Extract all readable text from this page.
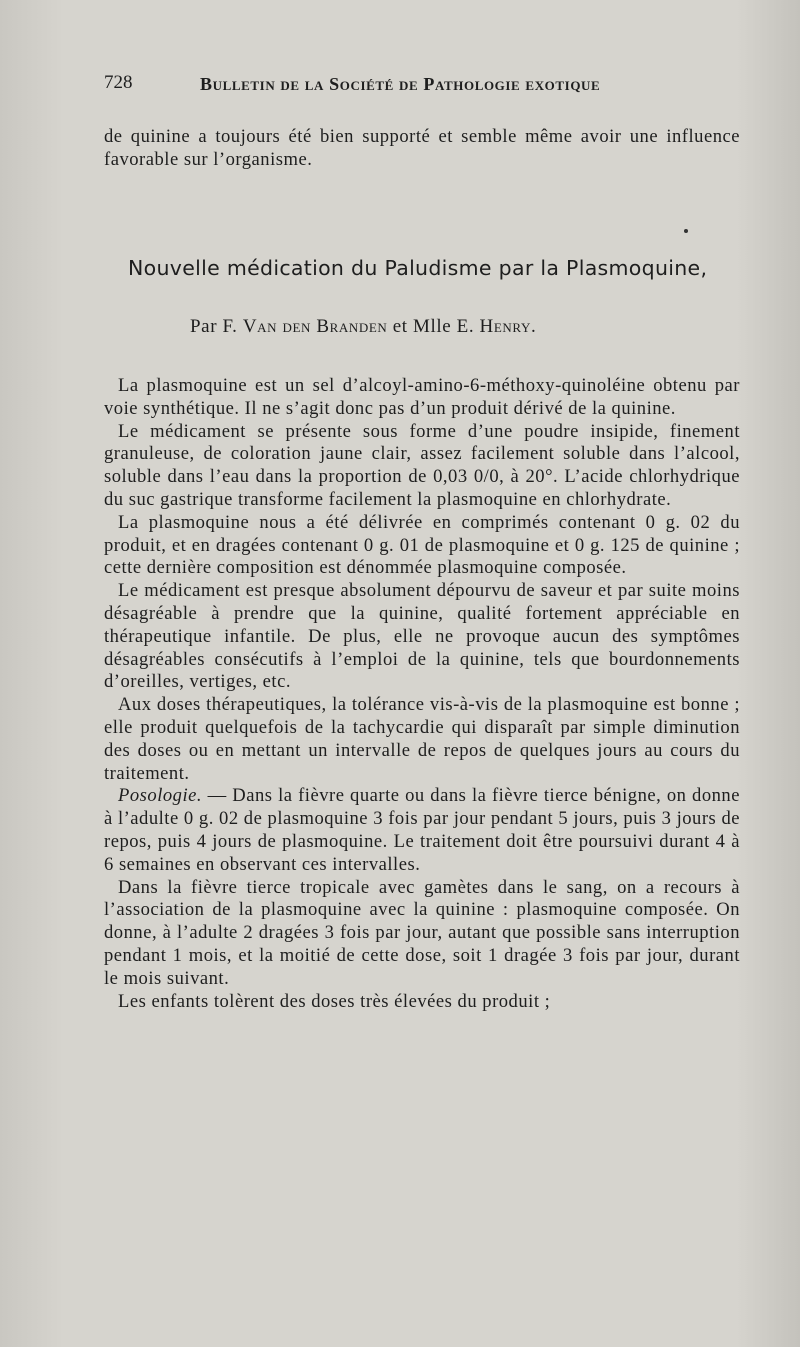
728	Bulletin de la Société de Pathologie exotique
de quinine a toujours été bien supporté et semble même avoir une influence favorable sur l’organisme.
Nouvelle médication du Paludisme par la Plasmoquine,
Par F. Van den Branden et Mlle E. Henry.

La plasmoquine est un sel d’alcoyl-amino-6-méthoxy-quinoléine obtenu par voie synthétique. Il ne s’agit donc pas d’un produit dérivé de la quinine.

Le médicament se présente sous forme d’une poudre insipide, finement granuleuse, de coloration jaune clair, assez facilement soluble dans l’alcool, soluble dans l’eau dans la proportion de 0,03 0/0, à 20°. L’acide chlorhydrique du suc gastrique transforme facilement la plasmoquine en chlorhydrate.

La plasmoquine nous a été délivrée en comprimés contenant 0 g. 02 du produit, et en dragées contenant 0 g. 01 de plasmoquine et 0 g. 125 de quinine ; cette dernière composition est dénommée plasmoquine composée.

Le médicament est presque absolument dépourvu de saveur et par suite moins désagréable à prendre que la quinine, qualité fortement appréciable en thérapeutique infantile. De plus, elle ne provoque aucun des symptômes désagréables consécutifs à l’emploi de la quinine, tels que bourdonnements d’oreilles, vertiges, etc.

Aux doses thérapeutiques, la tolérance vis-à-vis de la plasmoquine est bonne ; elle produit quelquefois de la tachycardie qui disparaît par simple diminution des doses ou en mettant un intervalle de repos de quelques jours au cours du traitement.

Posologie. — Dans la fièvre quarte ou dans la fièvre tierce bénigne, on donne à l’adulte 0 g. 02 de plasmoquine 3 fois par jour pendant 5 jours, puis 3 jours de repos, puis 4 jours de plasmoquine. Le traitement doit être poursuivi durant 4 à 6 semaines en observant ces intervalles.

Dans la fièvre tierce tropicale avec gamètes dans le sang, on a recours à l’association de la plasmoquine avec la quinine : plasmoquine composée. On donne, à l’adulte 2 dragées 3 fois par jour, autant que possible sans interruption pendant 1 mois, et la moitié de cette dose, soit 1 dragée 3 fois par jour, durant le mois suivant.

Les enfants tolèrent des doses très élevées du produit ;
